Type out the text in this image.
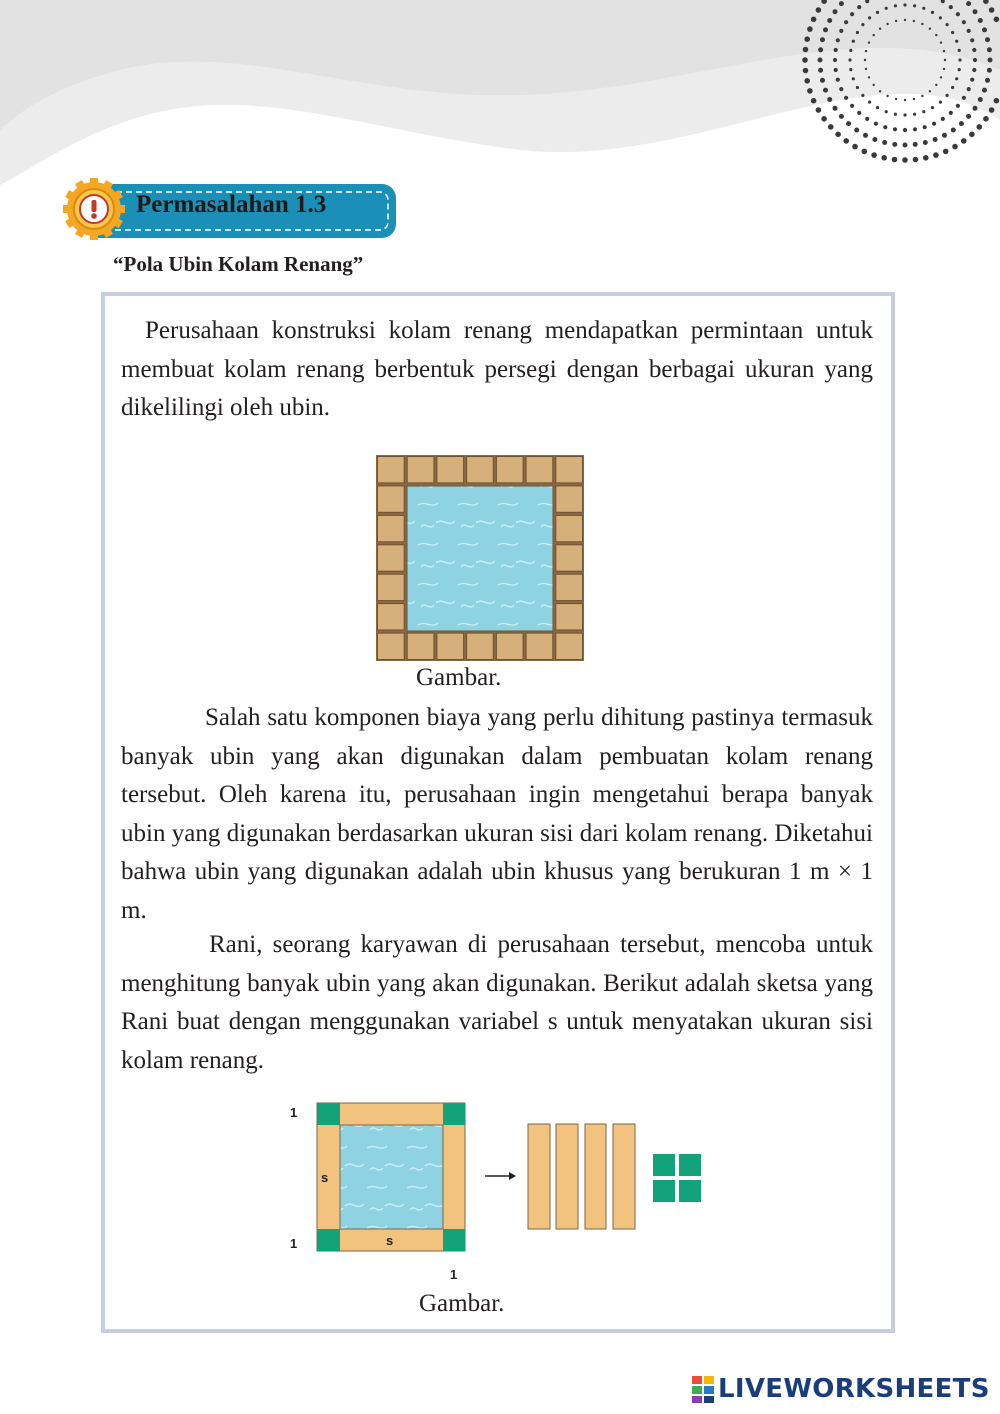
Permasalahan 1.3
“Pola Ubin Kolam Renang”

Perusahaan konstruksi kolam renang mendapatkan permintaan untuk membuat kolam renang berbentuk persegi dengan berbagai ukuran yang dikelilingi oleh ubin.

Gambar.

Salah satu komponen biaya yang perlu dihitung pastinya termasuk banyak ubin yang akan digunakan dalam pembuatan kolam renang tersebut. Oleh karena itu, perusahaan ingin mengetahui berapa banyak ubin yang digunakan berdasarkan ukuran sisi dari kolam renang. Diketahui bahwa ubin yang digunakan adalah ubin khusus yang berukuran 1 m × 1 m.

Rani, seorang karyawan di perusahaan tersebut, mencoba untuk menghitung banyak ubin yang akan digunakan. Berikut adalah sketsa yang Rani buat dengan menggunakan variabel s untuk menyatakan ukuran sisi kolam renang.

1
1
1
s
s
Gambar.
LIVEWORKSHEETS
